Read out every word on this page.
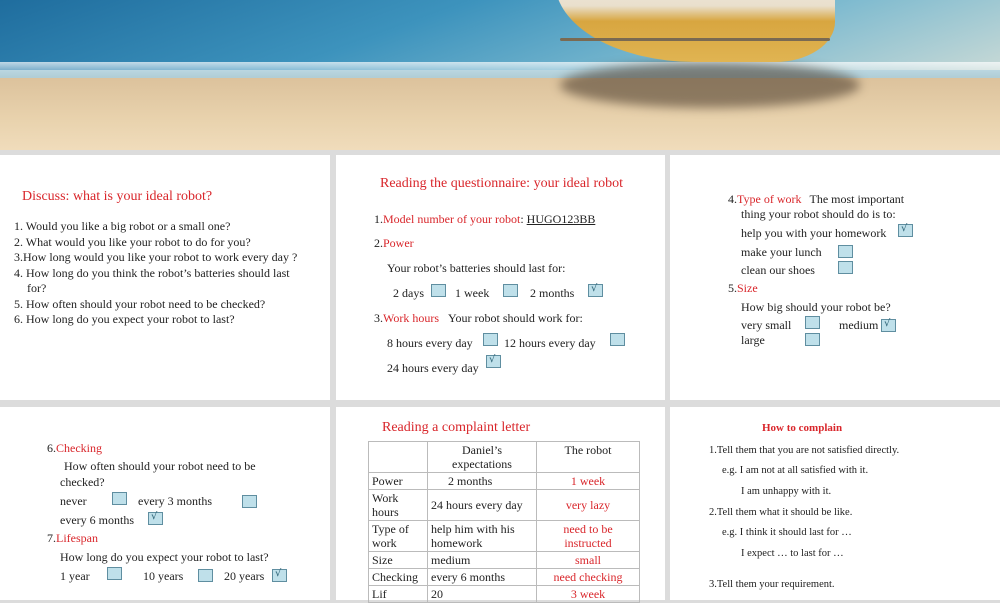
Discuss: what is your ideal robot?
1. Would you like a big robot or a small one?
2. What would you like your robot to do for you?
3.How long would you like your robot to work every day ?
4. How long do you think the robot’s batteries should last
for?
5. How often should your robot need to be checked?
6. How long do you expect your robot to last?
Reading the questionnaire: your ideal robot
1.Model number of your robot: HUGO123BB
2.Power
Your robot’s batteries should last for:
2 days	1 week	2 months √
3.Work hours Your robot should work for:
8 hours every day	12 hours every day
24 hours every day
√
4.Type of work The most important
thing your robot should do is to:
help you with your homework √
make your lunch
clean our shoes
5.Size
How big should your robot be?
very small	medium √
large
6.Checking
How often should your robot need to be
checked?
never	every 3 months
every 6 months √
7.Lifespan
How long do you expect your robot to last?
1 year	10 years	20 years √
Reading a complaint letter
	Daniel’s expectations	The robot
Power	2 months	1 week
Work hours	24 hours every day	very lazy
Type of work	help him with his homework	need to be instructed
Size	medium	small
Checking	every 6 months	need checking
Lif	20	3 week
How to complain
1.Tell them that you are not satisfied directly.
e.g. I am not at all satisfied with it.
I am unhappy with it.
2.Tell them what it should be like.
e.g. I think it should last for …
I expect … to last for …
3.Tell them your requirement.
